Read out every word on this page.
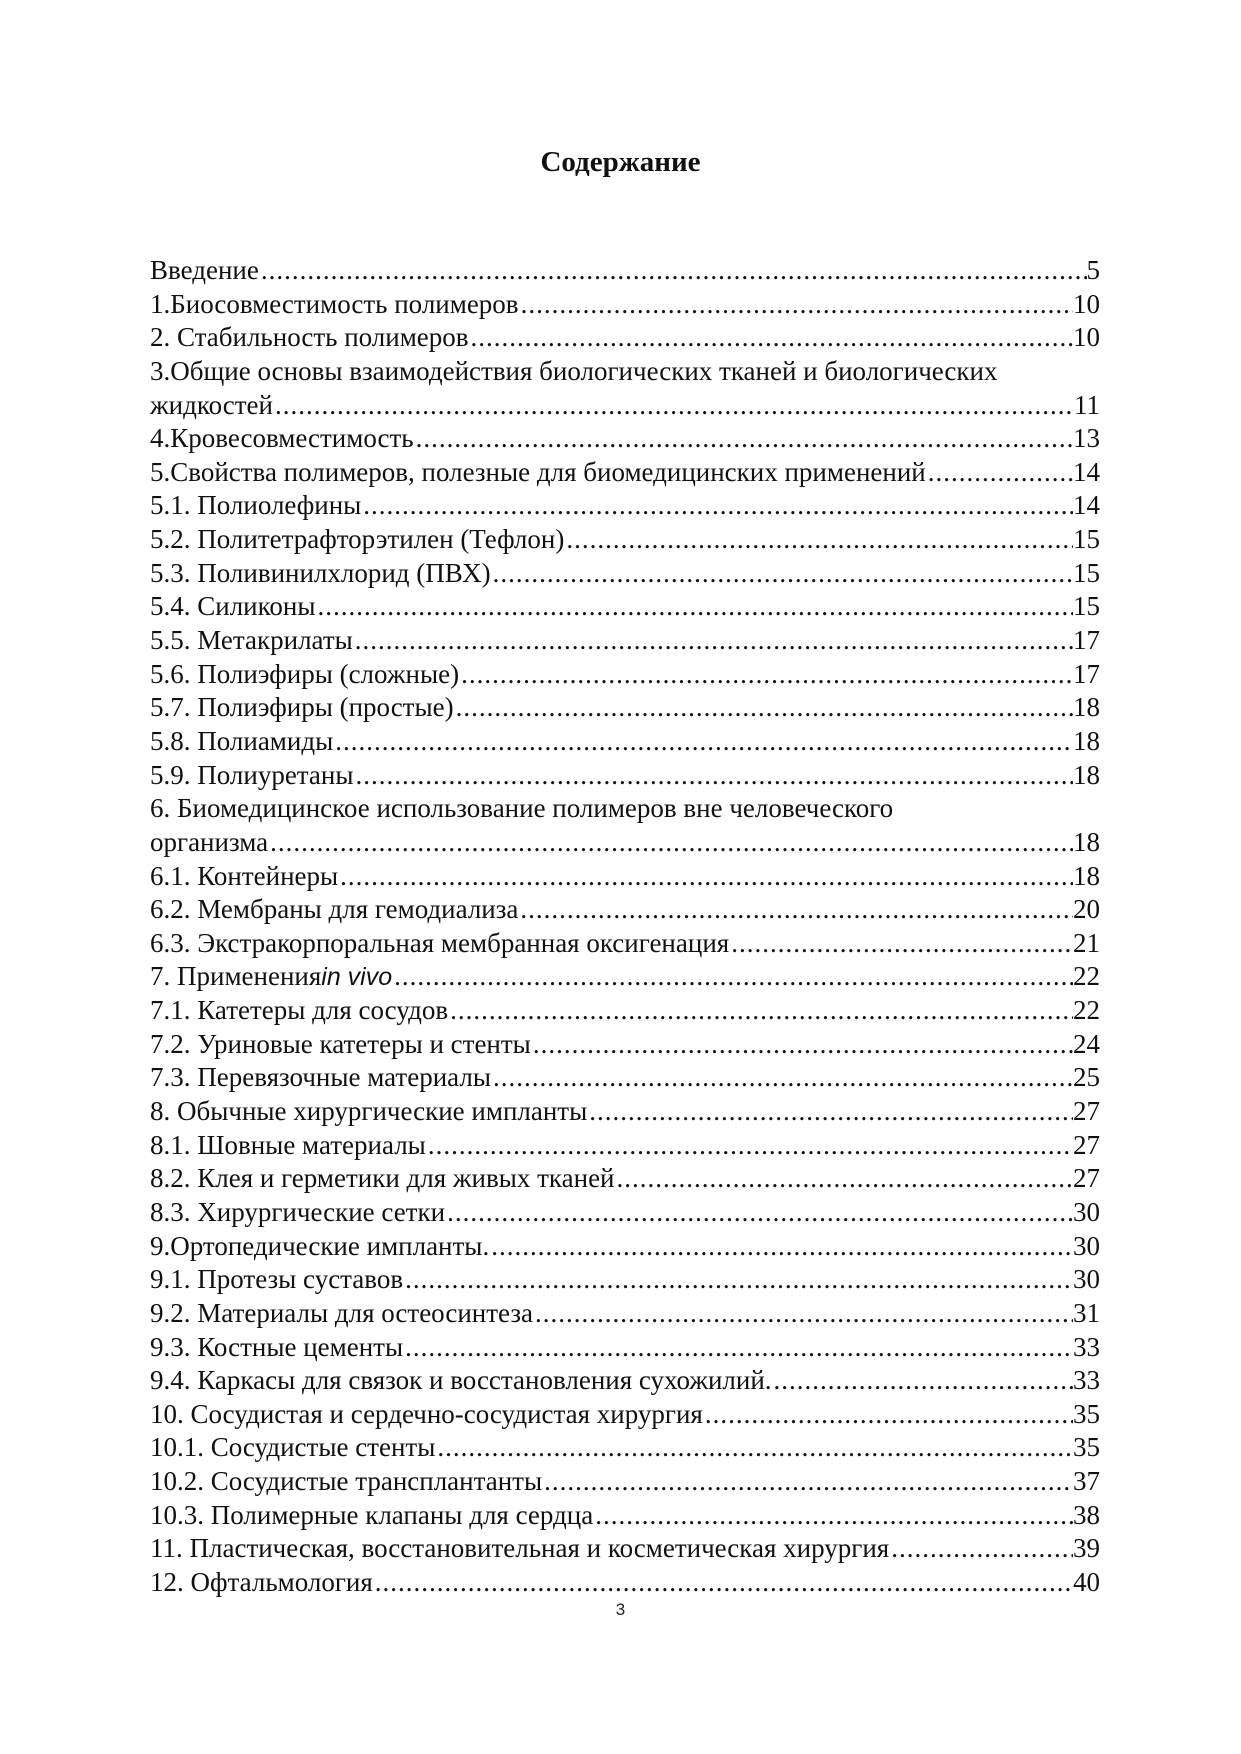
Содержание
Введение .....	5
1.Биосовместимость полимеров .....	10
2. Стабильность полимеров .....	10
3.Общие основы взаимодействия биологических тканей и биологических
жидкостей .....	11
4.Кровесовместимость .....	13
5.Свойства полимеров, полезные для биомедицинских применений .....	14
5.1. Полиолефины .....	14
5.2. Политетрафторэтилен (Тефлон) .....	15
5.3. Поливинилхлорид (ПВХ) .....	15
5.4. Силиконы .....	15
5.5. Метакрилаты .....	17
5.6. Полиэфиры (сложные) .....	17
5.7. Полиэфиры (простые) .....	18
5.8. Полиамиды .....	18
5.9. Полиуретаны .....	18
6. Биомедицинское использование полимеров вне человеческого
организма .....	18
6.1. Контейнеры .....	18
6.2. Мембраны для гемодиализа .....	20
6.3. Экстракорпоральная мембранная оксигенация .....	21
7. Применения in vivo .....	22
7.1. Катетеры для сосудов .....	22
7.2. Уриновые катетеры и стенты .....	24
7.3. Перевязочные материалы .....	25
8. Обычные хирургические импланты .....	27
8.1. Шовные материалы .....	27
8.2. Клея и герметики для живых тканей .....	27
8.3. Хирургические сетки .....	30
9.Ортопедические импланты. .....	30
9.1. Протезы суставов .....	30
9.2. Материалы для остеосинтеза .....	31
9.3. Костные цементы .....	33
9.4. Каркасы для связок и восстановления сухожилий. .....	33
10. Сосудистая и сердечно-сосудистая хирургия .....	35
10.1. Сосудистые стенты .....	35
10.2. Сосудистые трансплантанты .....	37
10.3. Полимерные клапаны для сердца .....	38
11. Пластическая, восстановительная и косметическая хирургия .....	39
12. Офтальмология .....	40
3
